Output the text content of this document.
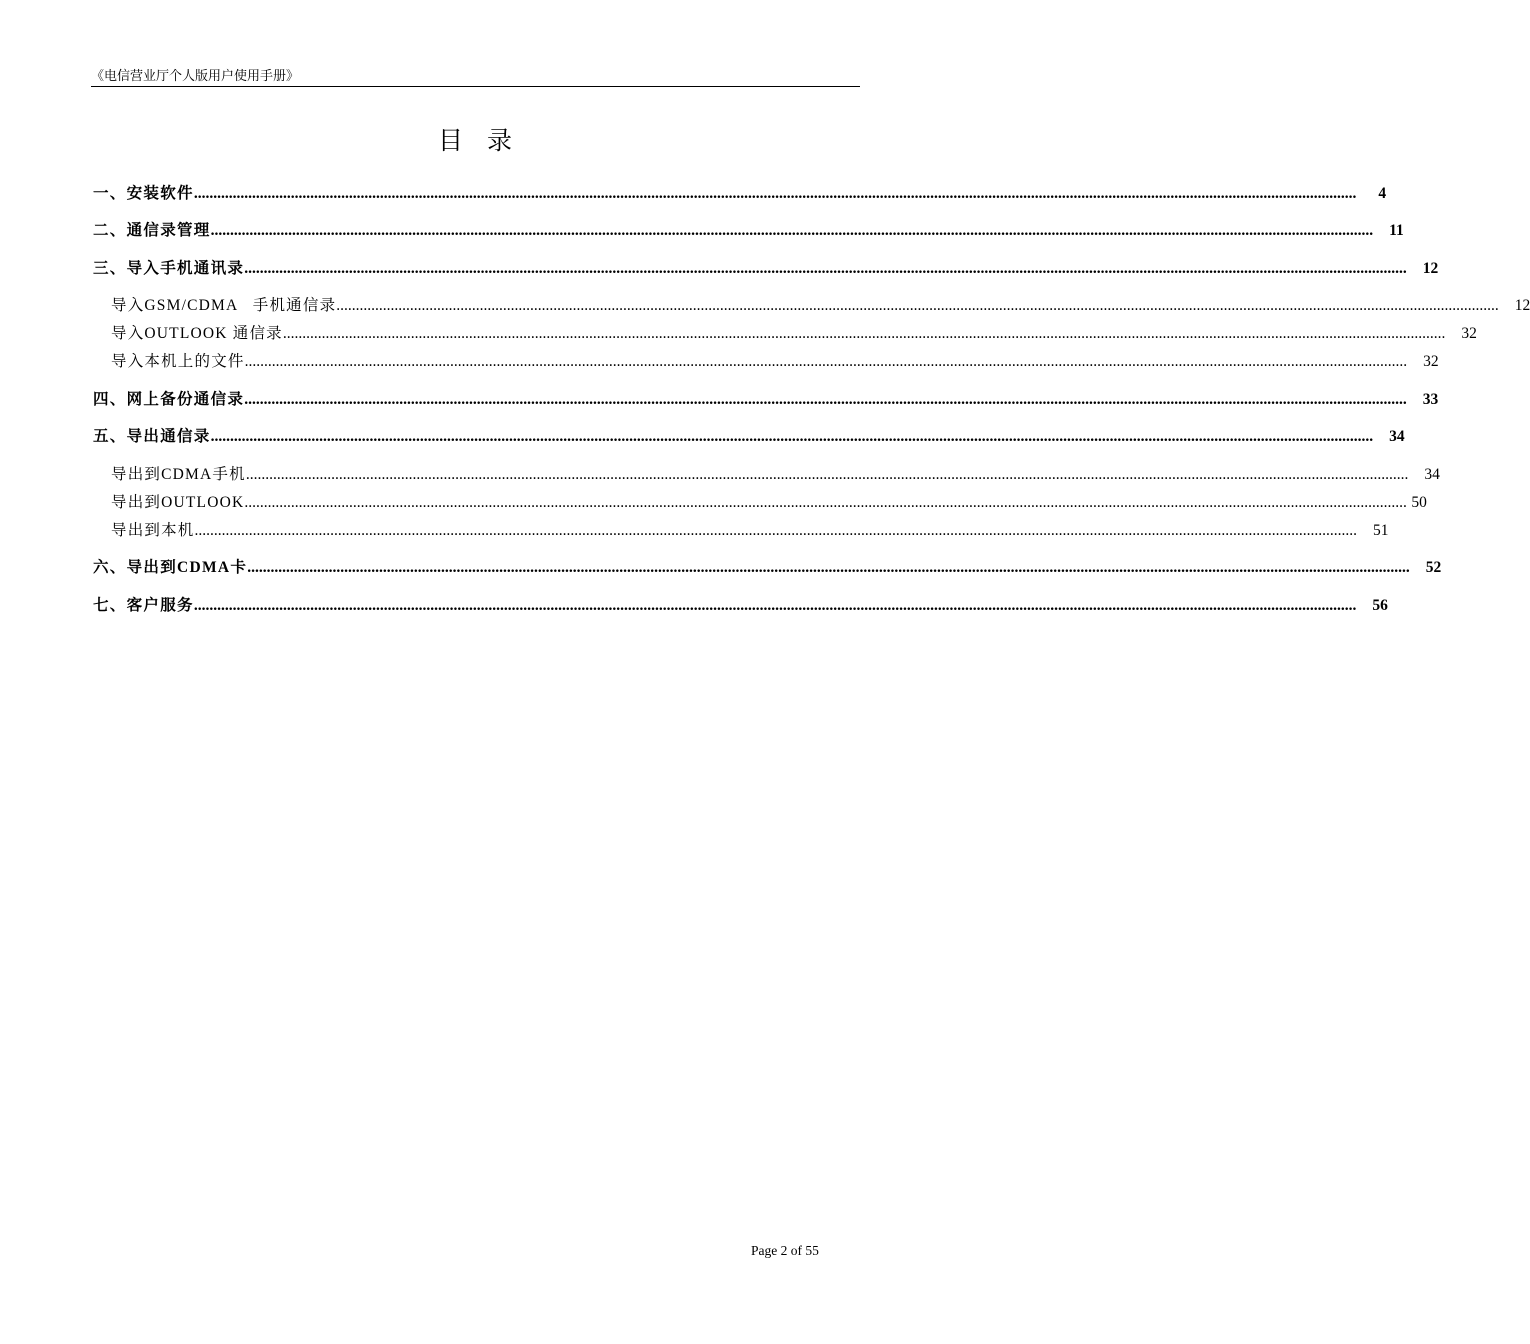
《电信营业厅个人版用户使用手册》
目录
一、安装软件 ............................................................................................................................................................................................................................................................................................................ 4
二、通信录管理 ............................................................................................................................................................................................................................................................................................................ 11
三、导入手机通讯录 ............................................................................................................................................................................................................................................................................................................ 12
导入GSM/CDMA   手机通信录 ............................................................................................................................................................................................................................................................................................................ 12
导入OUTLOOK 通信录 ............................................................................................................................................................................................................................................................................................................ 32
导入本机上的文件 ............................................................................................................................................................................................................................................................................................................ 32
四、网上备份通信录 ............................................................................................................................................................................................................................................................................................................ 33
五、导出通信录 ............................................................................................................................................................................................................................................................................................................ 34
导出到CDMA手机 ............................................................................................................................................................................................................................................................................................................ 34
导出到OUTLOOK ............................................................................................................................................................................................................................................................................................................ 50
导出到本机 ............................................................................................................................................................................................................................................................................................................ 51
六、导出到CDMA卡 ............................................................................................................................................................................................................................................................................................................ 52
七、客户服务 ............................................................................................................................................................................................................................................................................................................ 56
Page 2 of 55
